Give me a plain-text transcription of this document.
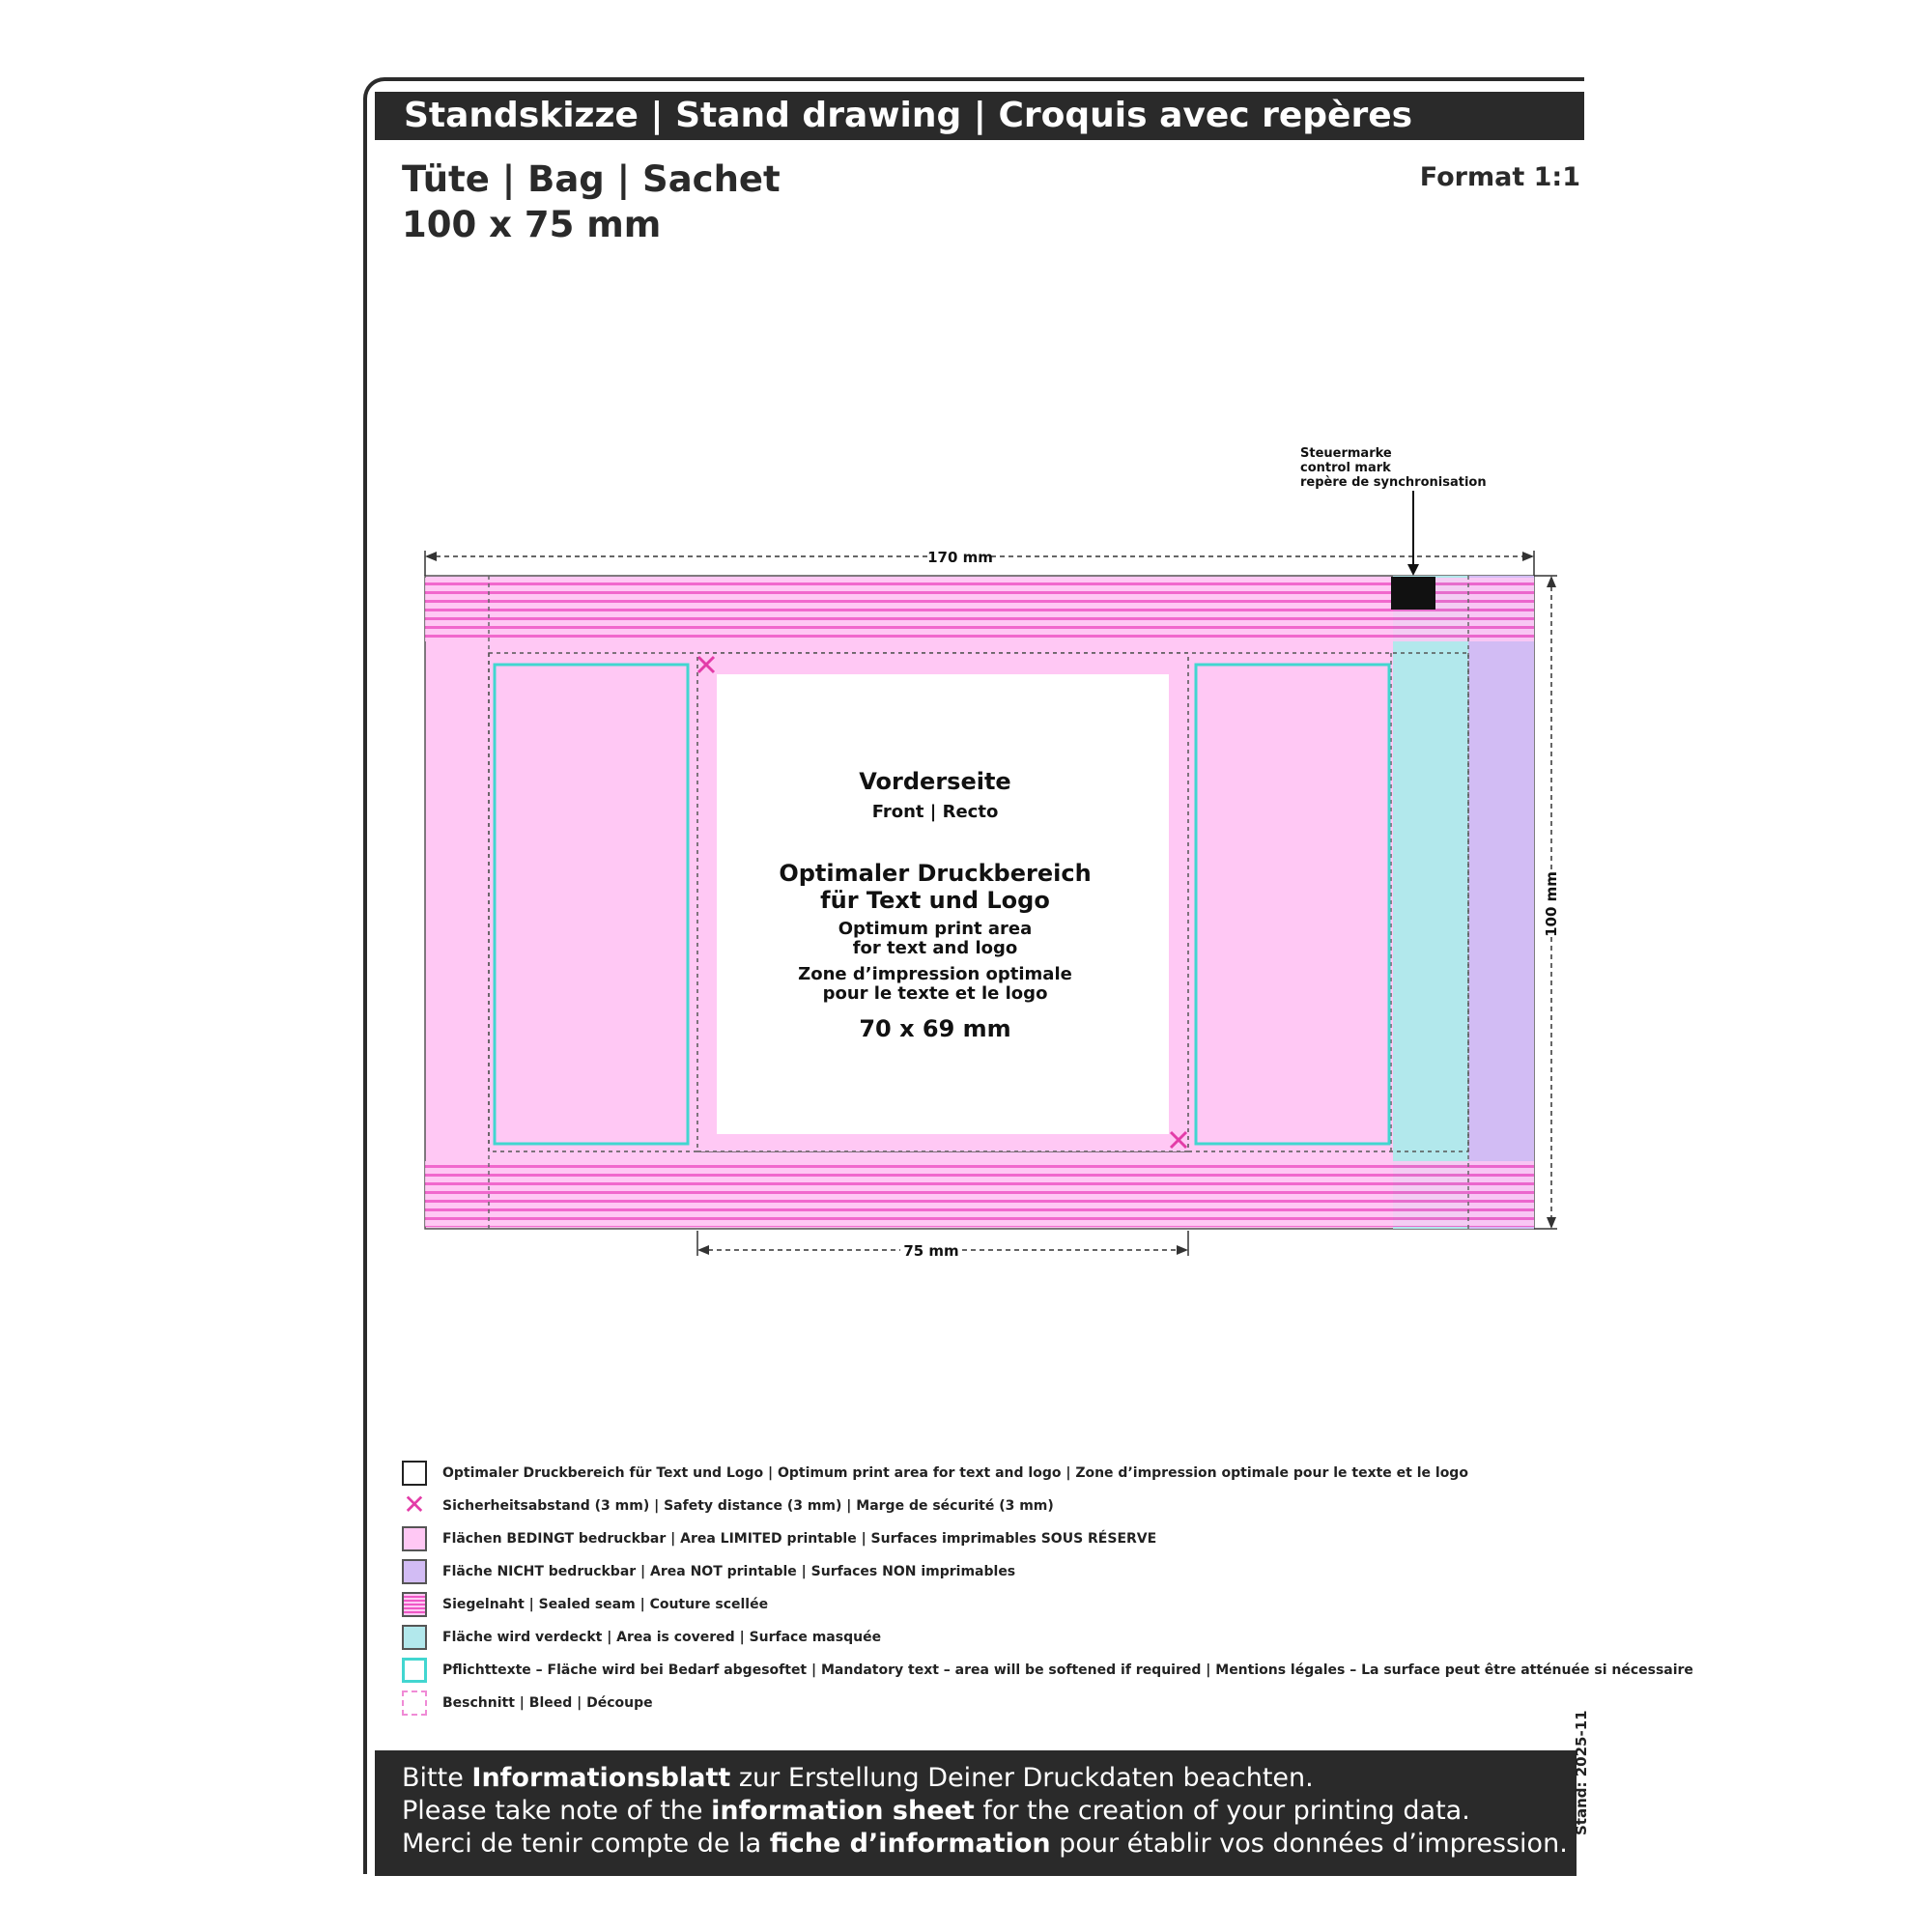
Standskizze | Stand drawing | Croquis avec repères
Tüte | Bag | Sachet
100 x 75 mm
Format 1:1
170 mm
100 mm
75 mm
Steuermarke
control mark
repère de synchronisation
Vorderseite
Front | Recto
Optimaler Druckbereich
für Text und Logo
Optimum print area
for text and logo
Zone d’impression optimale
pour le texte et le logo
70 x 69 mm
Optimaler Druckbereich für Text und Logo | Optimum print area for text and logo | Zone d’impression optimale pour le texte et le logo
✕ Sicherheitsabstand (3 mm) | Safety distance (3 mm) | Marge de sécurité (3 mm)
Flächen BEDINGT bedruckbar | Area LIMITED printable | Surfaces imprimables SOUS RÉSERVE
Fläche NICHT bedruckbar | Area NOT printable | Surfaces NON imprimables
Siegelnaht | Sealed seam | Couture scellée
Fläche wird verdeckt | Area is covered | Surface masquée
Pflichttexte – Fläche wird bei Bedarf abgesoftet | Mandatory text – area will be softened if required | Mentions légales – La surface peut être atténuée si nécessaire
Beschnitt | Bleed | Découpe
Bitte Informationsblatt zur Erstellung Deiner Druckdaten beachten.
Please take note of the information sheet for the creation of your printing data.
Merci de tenir compte de la fiche d’information pour établir vos données d’impression.
Stand: 2025-11
